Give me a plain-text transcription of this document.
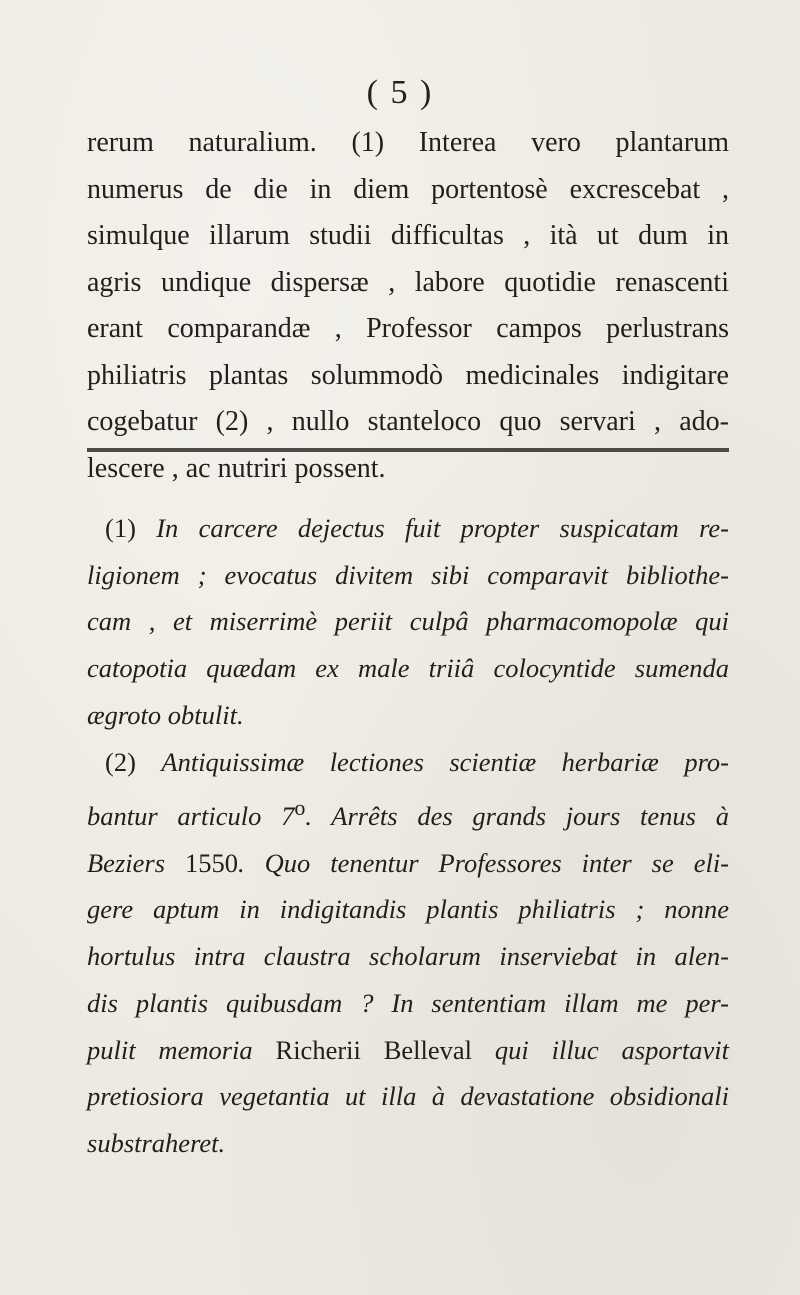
( 5 )
rerum naturalium. (1) Interea vero plantarum
numerus de die in diem portentosè excrescebat ,
simulque illarum studii difficultas , ità ut dum in
agris undique dispersæ , labore quotidie renascenti
erant comparandæ , Professor campos perlustrans
philiatris plantas solummodò medicinales indigitare
cogebatur (2) , nullo stanteloco quo servari , ado-
lescere , ac nutriri possent.
(1) In carcere dejectus fuit propter suspicatam re-
ligionem ; evocatus divitem sibi comparavit bibliothe-
cam , et miserrimè periit culpâ pharmacomopolæ qui
catopotia quædam ex male triiâ colocyntide sumenda
ægroto obtulit.
(2) Antiquissimæ lectiones scientiæ herbariæ pro-
bantur articulo 7$^o$. Arrêts des grands jours tenus à
Beziers 1550. Quo tenentur Professores inter se eli-
gere aptum in indigitandis plantis philiatris ; nonne
hortulus intra claustra scholarum inserviebat in alen-
dis plantis quibusdam ? In sententiam illam me per-
pulit memoria Richerii Belleval qui illuc asportavit
pretiosiora vegetantia ut illa à devastatione obsidionali
substraheret.
